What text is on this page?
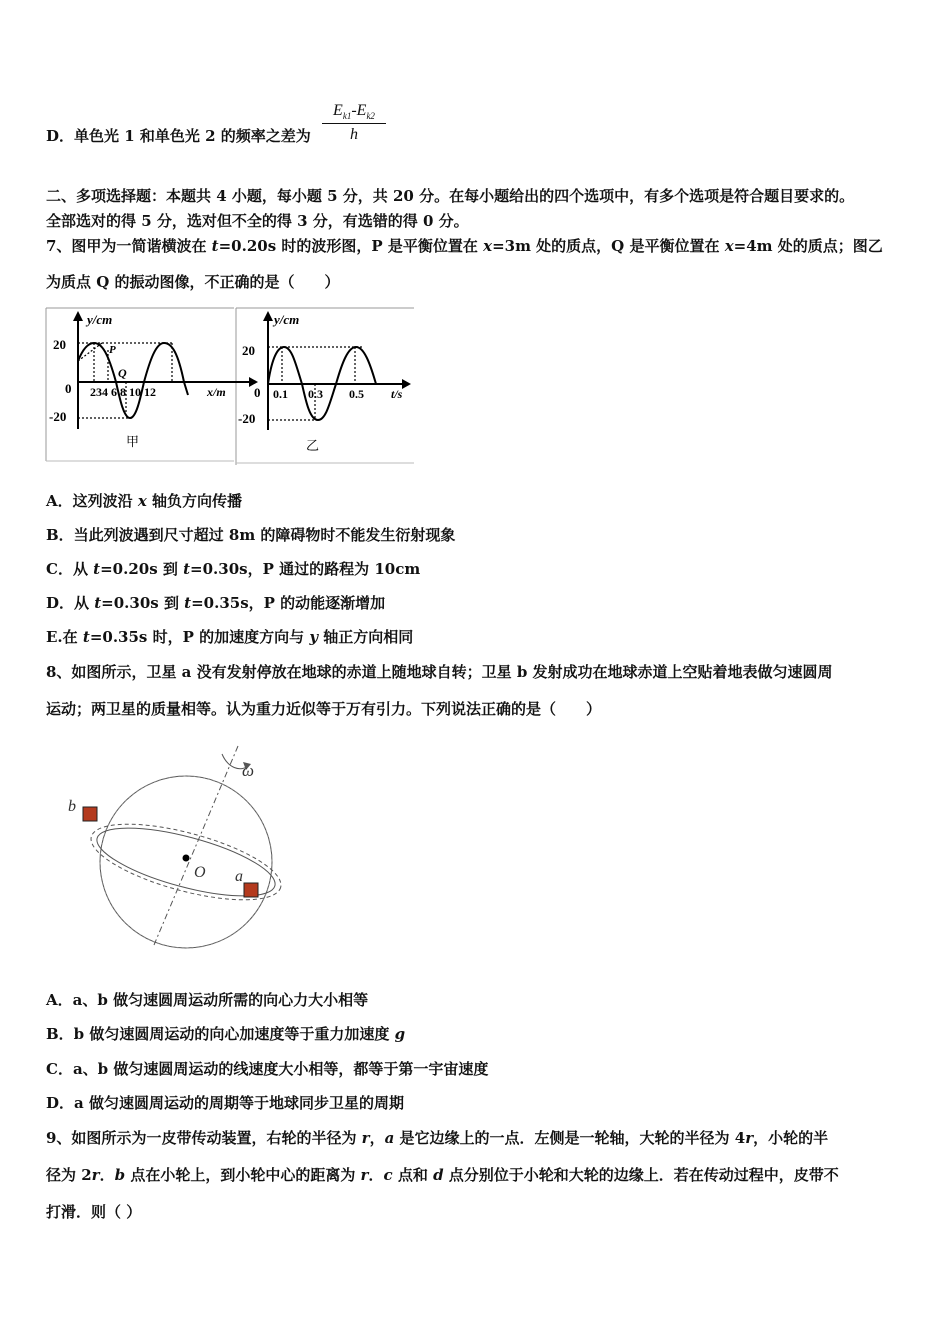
D．单色光 1 和单色光 2 的频率之差为 $\frac{E_{k1}-E_{k2}}{h}$
二、多项选择题：本题共 4 小题，每小题 5 分，共 20 分。在每小题给出的四个选项中，有多个选项是符合题目要求的。
全部选对的得 5 分，选对但不全的得 3 分，有选错的得 0 分。
7、图甲为一简谐横波在 t=0.20s 时的波形图，P 是平衡位置在 x=3m 处的质点，Q 是平衡位置在 x=4m 处的质点；图乙
为质点 Q 的振动图像，不正确的是（　　）
y/cm
20
0
-20
P
Q
234 6 8 10 12	x/m
甲
y/cm
20
0
-20
0.1 0.3 0.5 t/s
乙
A．这列波沿 x 轴负方向传播
B．当此列波遇到尺寸超过 8m 的障碍物时不能发生衍射现象
C．从 t=0.20s 到 t=0.30s，P 通过的路程为 10cm
D．从 t=0.30s 到 t=0.35s，P 的动能逐渐增加
E.在 t=0.35s 时，P 的加速度方向与 y 轴正方向相同
8、如图所示，卫星 a 没有发射停放在地球的赤道上随地球自转；卫星 b 发射成功在地球赤道上空贴着地表做匀速圆周
运动；两卫星的质量相等。认为重力近似等于万有引力。下列说法正确的是（　　）
ω
O
b
a
A．a、b 做匀速圆周运动所需的向心力大小相等
B．b 做匀速圆周运动的向心加速度等于重力加速度 g
C．a、b 做匀速圆周运动的线速度大小相等，都等于第一宇宙速度
D．a 做匀速圆周运动的周期等于地球同步卫星的周期
9、如图所示为一皮带传动装置，右轮的半径为 r，a 是它边缘上的一点．左侧是一轮轴，大轮的半径为 4r，小轮的半
径为 2r．b 点在小轮上，到小轮中心的距离为 r．c 点和 d 点分别位于小轮和大轮的边缘上．若在传动过程中，皮带不
打滑．则（ ）
